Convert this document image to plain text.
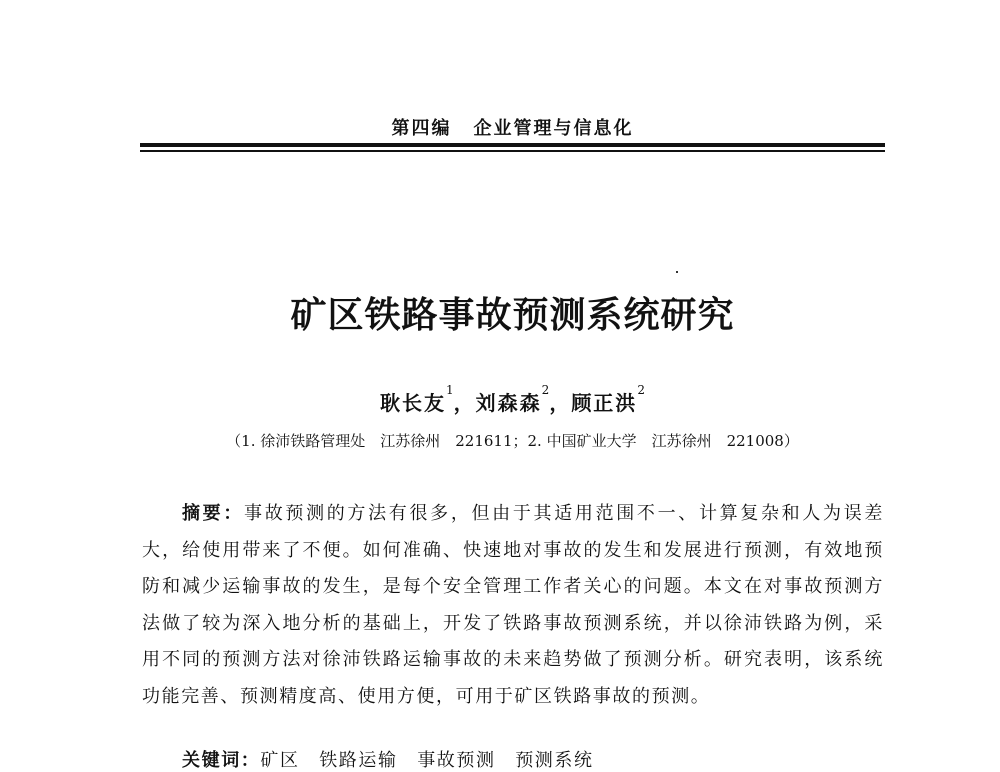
第四编 企业管理与信息化
矿区铁路事故预测系统研究
耿长友$^1$，刘森森$^2$，顾正洪$^2$
（1. 徐沛铁路管理处　江苏徐州　221611；2. 中国矿业大学　江苏徐州　221008）

摘要：事故预测的方法有很多，但由于其适用范围不一、计算复杂和人为误差大，给使用带来了不便。如何准确、快速地对事故的发生和发展进行预测，有效地预防和减少运输事故的发生，是每个安全管理工作者关心的问题。本文在对事故预测方法做了较为深入地分析的基础上，开发了铁路事故预测系统，并以徐沛铁路为例，采用不同的预测方法对徐沛铁路运输事故的未来趋势做了预测分析。研究表明，该系统功能完善、预测精度高、使用方便，可用于矿区铁路事故的预测。

关键词：矿区　铁路运输　事故预测　预测系统
